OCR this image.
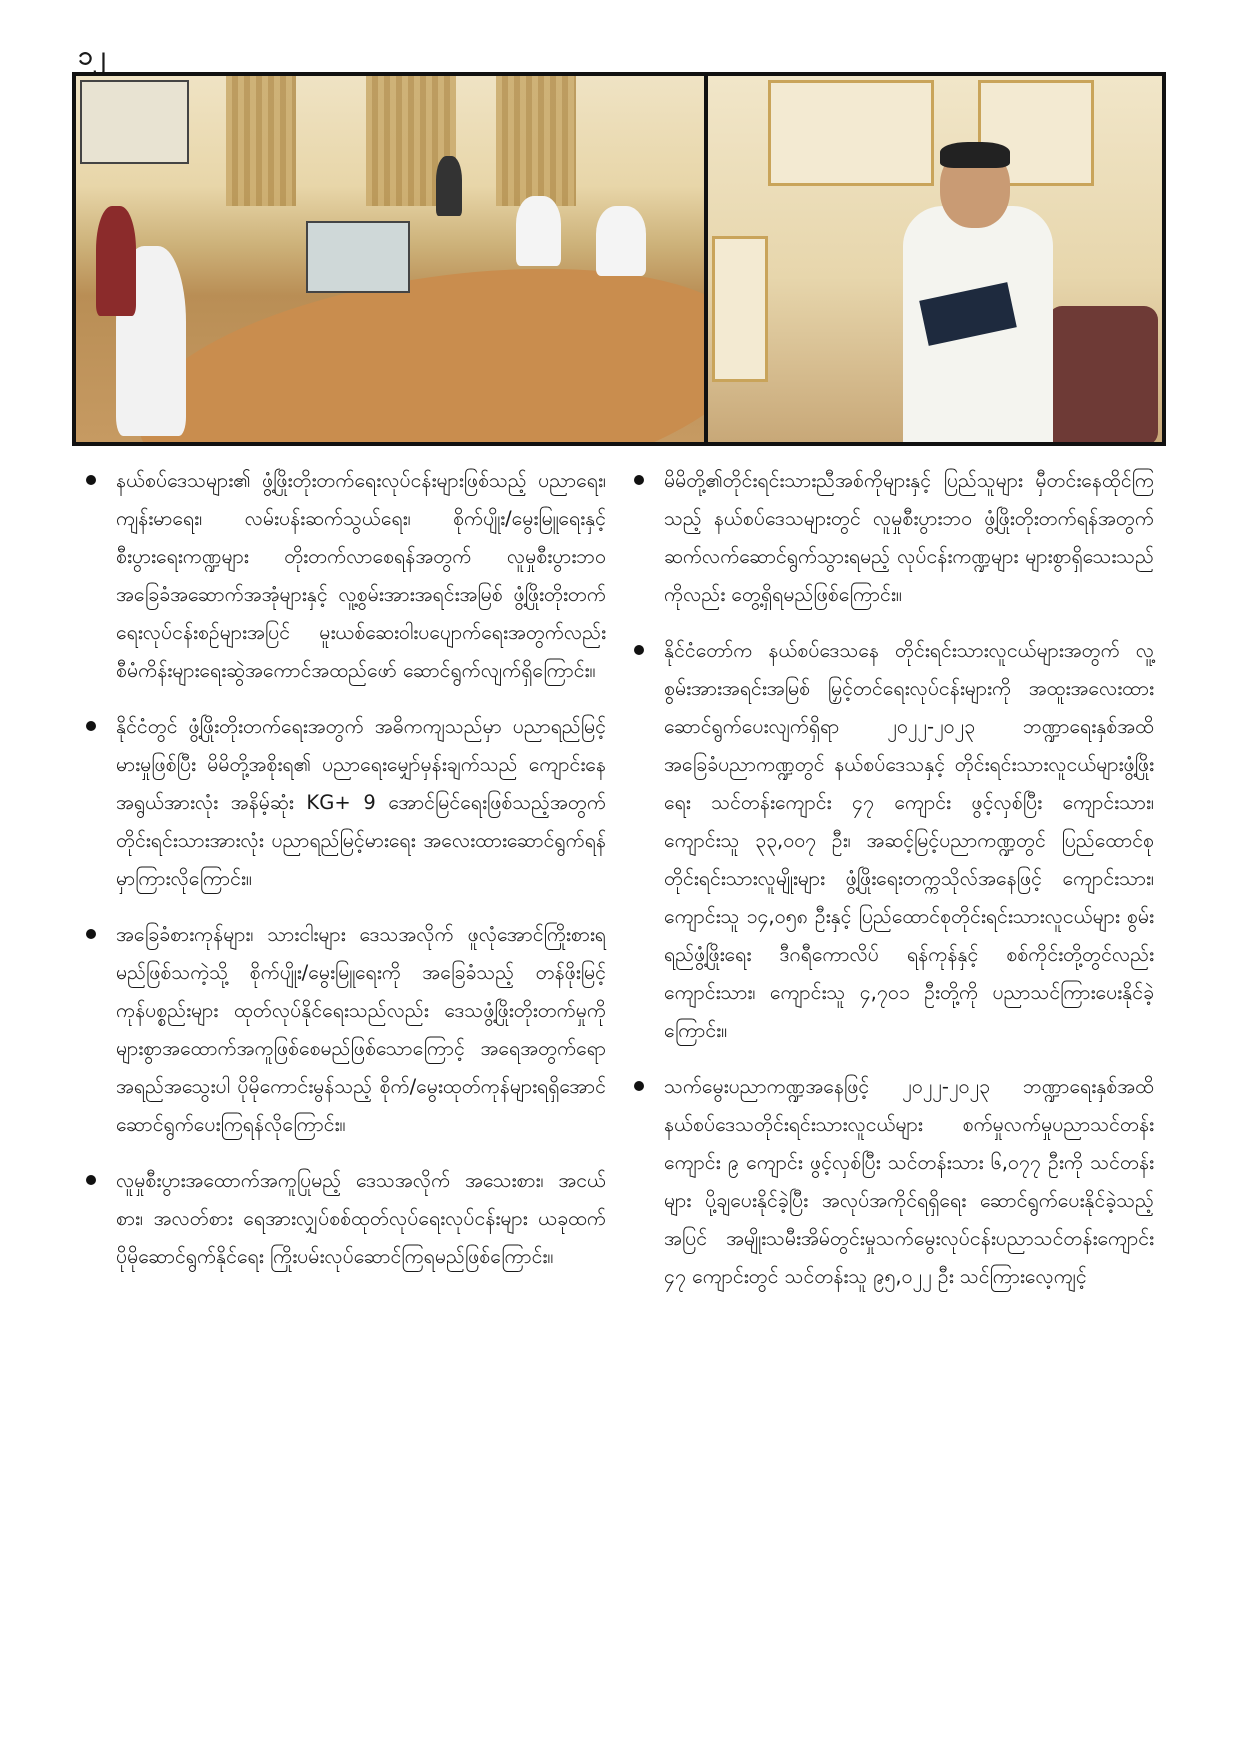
၁၂

နယ်စပ်ဒေသများ၏ ဖွံ့ဖြိုးတိုးတက်ရေးလုပ်ငန်းများဖြစ်သည့် ပညာရေး၊ ကျန်းမာရေး၊ လမ်းပန်းဆက်သွယ်ရေး၊ စိုက်ပျိုး/မွေးမြူရေးနှင့် စီးပွားရေးကဏ္ဍများ တိုးတက်လာစေရန်အတွက် လူမှုစီးပွားဘဝ အခြေခံအဆောက်အအုံများနှင့် လူ့စွမ်းအားအရင်းအမြစ် ဖွံ့ဖြိုးတိုးတက်ရေးလုပ်ငန်းစဉ်များအပြင် မူးယစ်ဆေးဝါးပပျောက်ရေးအတွက်လည်း စီမံကိန်းများရေးဆွဲအကောင်အထည်ဖော် ဆောင်ရွက်လျက်ရှိကြောင်း။

နိုင်ငံတွင် ဖွံ့ဖြိုးတိုးတက်ရေးအတွက် အဓိကကျသည်မှာ ပညာရည်မြင့်မားမှုဖြစ်ပြီး မိမိတို့အစိုးရ၏ ပညာရေးမျှော်မှန်းချက်သည် ကျောင်းနေအရွယ်အားလုံး အနိမ့်ဆုံး KG+ 9 အောင်မြင်ရေးဖြစ်သည့်အတွက် တိုင်းရင်းသားအားလုံး ပညာရည်မြင့်မားရေး အလေးထားဆောင်ရွက်ရန် မှာကြားလိုကြောင်း။

အခြေခံစားကုန်များ၊ သားငါးများ ဒေသအလိုက် ဖူလုံအောင်ကြိုးစားရမည်ဖြစ်သကဲ့သို့ စိုက်ပျိုး/မွေးမြူရေးကို အခြေခံသည့် တန်ဖိုးမြင့်ကုန်ပစ္စည်းများ ထုတ်လုပ်နိုင်ရေးသည်လည်း ဒေသဖွံ့ဖြိုးတိုးတက်မှုကို များစွာအထောက်အကူဖြစ်စေမည်ဖြစ်သောကြောင့် အရေအတွက်ရော အရည်အသွေးပါ ပိုမိုကောင်းမွန်သည့် စိုက်/မွေးထုတ်ကုန်များရရှိအောင် ဆောင်ရွက်ပေးကြရန်လိုကြောင်း။

လူမှုစီးပွားအထောက်အကူပြုမည့် ဒေသအလိုက် အသေးစား၊ အငယ်စား၊ အလတ်စား ရေအားလျှပ်စစ်ထုတ်လုပ်ရေးလုပ်ငန်းများ ယခုထက် ပိုမိုဆောင်ရွက်နိုင်ရေး ကြိုးပမ်းလုပ်ဆောင်ကြရမည်ဖြစ်ကြောင်း။

မိမိတို့၏တိုင်းရင်းသားညီအစ်ကိုများနှင့် ပြည်သူများ မှီတင်းနေထိုင်ကြသည့် နယ်စပ်ဒေသများတွင် လူမှုစီးပွားဘဝ ဖွံ့ဖြိုးတိုးတက်ရန်အတွက် ဆက်လက်ဆောင်ရွက်သွားရမည့် လုပ်ငန်းကဏ္ဍများ များစွာရှိသေးသည်ကိုလည်း တွေ့ရှိရမည်ဖြစ်ကြောင်း။

နိုင်ငံတော်က နယ်စပ်ဒေသနေ တိုင်းရင်းသားလူငယ်များအတွက် လူ့စွမ်းအားအရင်းအမြစ် မြှင့်တင်ရေးလုပ်ငန်းများကို အထူးအလေးထား ဆောင်ရွက်ပေးလျက်ရှိရာ ၂၀၂၂-၂၀၂၃ ဘဏ္ဍာရေးနှစ်အထိ အခြေခံပညာကဏ္ဍတွင် နယ်စပ်ဒေသနှင့် တိုင်းရင်းသားလူငယ်များဖွံ့ဖြိုးရေး သင်တန်းကျောင်း ၄၇ ကျောင်း ဖွင့်လှစ်ပြီး ကျောင်းသား၊ ကျောင်းသူ ၃၃,၀၀၇ ဦး၊ အဆင့်မြင့်ပညာကဏ္ဍတွင် ပြည်ထောင်စု တိုင်းရင်းသားလူမျိုးများ ဖွံ့ဖြိုးရေးတက္ကသိုလ်အနေဖြင့် ကျောင်းသား၊ ကျောင်းသူ ၁၄,၀၅၈ ဦးနှင့် ပြည်ထောင်စုတိုင်းရင်းသားလူငယ်များ စွမ်းရည်ဖွံ့ဖြိုးရေး ဒီဂရီကောလိပ် ရန်ကုန်နှင့် စစ်ကိုင်းတို့တွင်လည်း ကျောင်းသား၊ ကျောင်းသူ ၄,၇၀၁ ဦးတို့ကို ပညာသင်ကြားပေးနိုင်ခဲ့ကြောင်း။

သက်မွေးပညာကဏ္ဍအနေဖြင့် ၂၀၂၂-၂၀၂၃ ဘဏ္ဍာရေးနှစ်အထိ နယ်စပ်ဒေသတိုင်းရင်းသားလူငယ်များ စက်မှုလက်မှုပညာသင်တန်းကျောင်း ၉ ကျောင်း ဖွင့်လှစ်ပြီး သင်တန်းသား ၆,၀၇၇ ဦးကို သင်တန်းများ ပို့ချပေးနိုင်ခဲ့ပြီး အလုပ်အကိုင်ရရှိရေး ဆောင်ရွက်ပေးနိုင်ခဲ့သည့်အပြင် အမျိုးသမီးအိမ်တွင်းမှုသက်မွေးလုပ်ငန်းပညာသင်တန်းကျောင်း ၄၇ ကျောင်းတွင် သင်တန်းသူ ၉၅,၀၂၂ ဦး သင်ကြားလေ့ကျင့်
